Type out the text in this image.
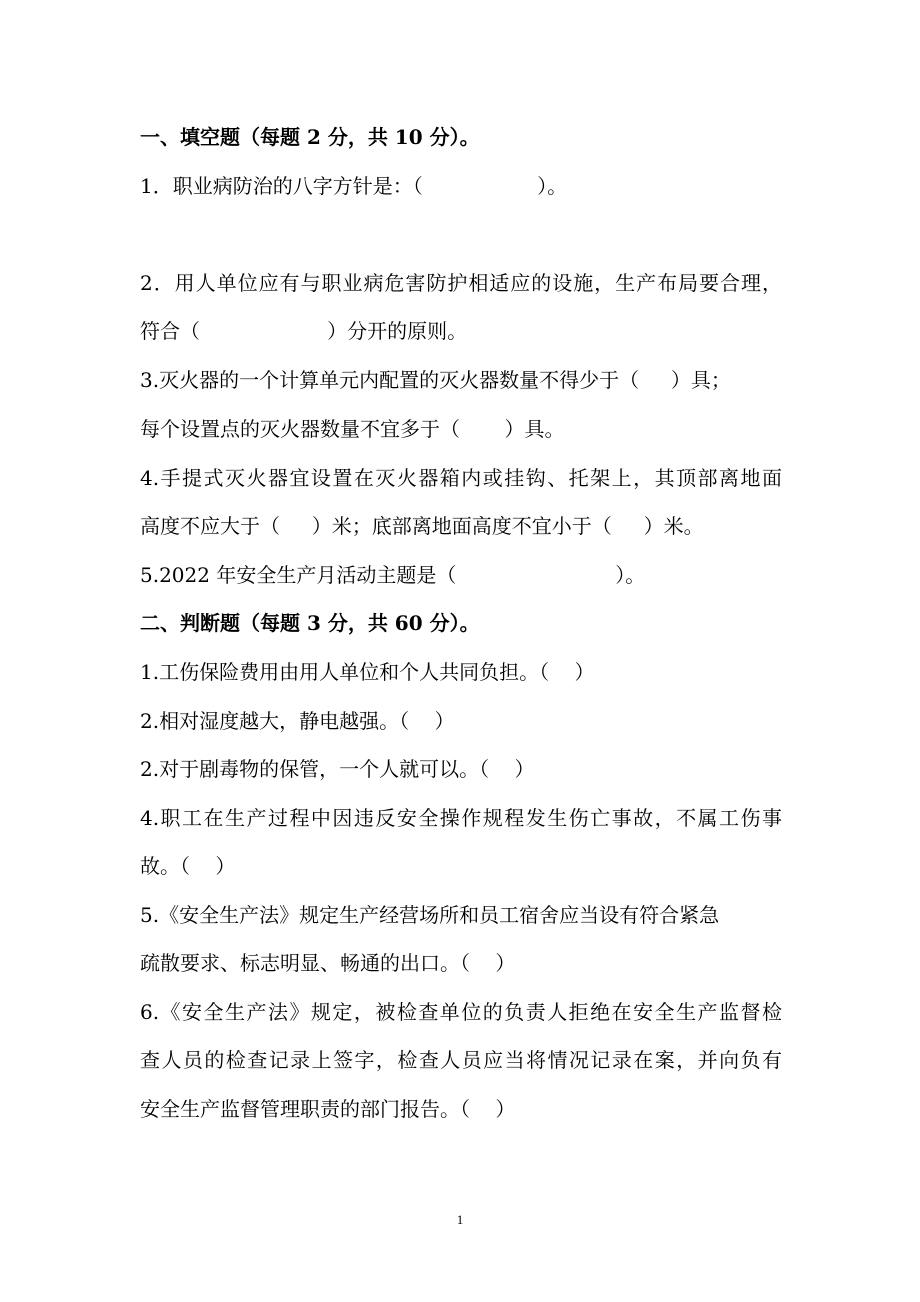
一、填空题（每题 2 分，共 10 分）。
1．职业病防治的八字方针是：（                  ）。
2．用人单位应有与职业病危害防护相适应的设施，生产布局要合理，
符合（                    ）分开的原则。
3.灭火器的一个计算单元内配置的灭火器数量不得少于（     ）具；
每个设置点的灭火器数量不宜多于（       ）具。
4.手提式灭火器宜设置在灭火器箱内或挂钩、托架上，其顶部离地面
高度不应大于（     ）米；底部离地面高度不宜小于（     ）米。
5.2022 年安全生产月活动主题是（                         ）。
二、判断题（每题 3 分，共 60 分）。
1.工伤保险费用由用人单位和个人共同负担。（    ）
2.相对湿度越大，静电越强。（    ）
2.对于剧毒物的保管，一个人就可以。（    ）
4.职工在生产过程中因违反安全操作规程发生伤亡事故，不属工伤事
故。（    ）
5.《安全生产法》规定生产经营场所和员工宿舍应当设有符合紧急
疏散要求、标志明显、畅通的出口。（    ）
6.《安全生产法》规定，被检查单位的负责人拒绝在安全生产监督检
查人员的检查记录上签字，检查人员应当将情况记录在案，并向负有
安全生产监督管理职责的部门报告。（    ）
1
